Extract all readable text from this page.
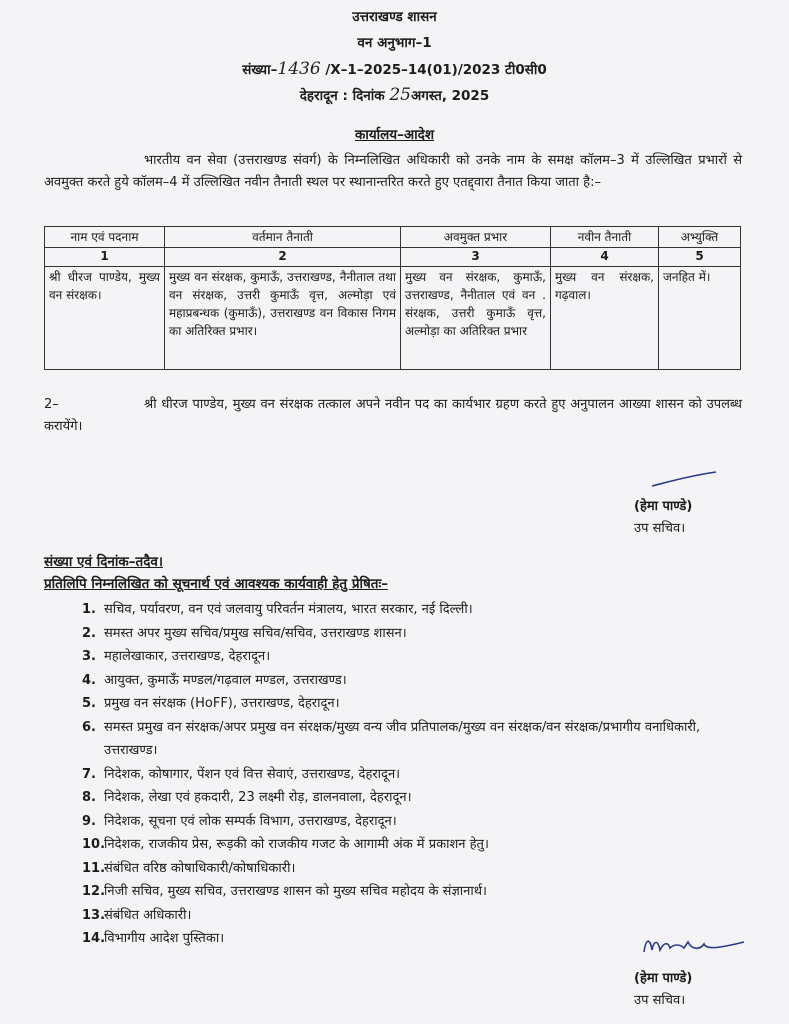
उत्तराखण्ड शासन
वन अनुभाग–1
संख्या–1436 /X–1–2025–14(01)/2023 टी0सी0
देहरादून : दिनांक 25अगस्त, 2025
कार्यालय–आदेश
भारतीय वन सेवा (उत्तराखण्ड संवर्ग) के निम्नलिखित अधिकारी को उनके नाम के समक्ष कॉलम–3 में उल्लिखित प्रभारों से अवमुक्त करते हुये कॉलम–4 में उल्लिखित नवीन तैनाती स्थल पर स्थानान्तरित करते हुए एतद्द्वारा तैनात किया जाता है:–
नाम एवं पदनाम	वर्तमान तैनाती	अवमुक्त प्रभार	नवीन तैनाती	अभ्युक्ति
1	2	3	4	5
श्री धीरज पाण्डेय, मुख्य वन संरक्षक।	मुख्य वन संरक्षक, कुमाऊँ, उत्तराखण्ड, नैनीताल तथा वन संरक्षक, उत्तरी कुमाऊँ वृत्त, अल्मोड़ा एवं महाप्रबन्धक (कुमाऊँ), उत्तराखण्ड वन विकास निगम का अतिरिक्त प्रभार।	मुख्य वन संरक्षक, कुमाऊँ, उत्तराखण्ड, नैनीताल एवं वन . संरक्षक, उत्तरी कुमाऊँ वृत्त, अल्मोड़ा का अतिरिक्त प्रभार	मुख्य वन संरक्षक, गढ़वाल।	जनहित में।
2–	श्री धीरज पाण्डेय, मुख्य वन संरक्षक तत्काल अपने नवीन पद का कार्यभार ग्रहण करते हुए अनुपालन आख्या शासन को उपलब्ध करायेंगे।
(हेमा पाण्डे)
उप सचिव।
संख्या एवं दिनांक–तदैव।
प्रतिलिपि निम्नलिखित को सूचनार्थ एवं आवश्यक कार्यवाही हेतु प्रेषितः–
1. सचिव, पर्यावरण, वन एवं जलवायु परिवर्तन मंत्रालय, भारत सरकार, नई दिल्ली।
2. समस्त अपर मुख्य सचिव/प्रमुख सचिव/सचिव, उत्तराखण्ड शासन।
3. महालेखाकार, उत्तराखण्ड, देहरादून।
4. आयुक्त, कुमाऊँ मण्डल/गढ़वाल मण्डल, उत्तराखण्ड।
5. प्रमुख वन संरक्षक (HoFF), उत्तराखण्ड, देहरादून।
6. समस्त प्रमुख वन संरक्षक/अपर प्रमुख वन संरक्षक/मुख्य वन्य जीव प्रतिपालक/मुख्य वन संरक्षक/वन संरक्षक/प्रभागीय वनाधिकारी, उत्तराखण्ड।
7. निदेशक, कोषागार, पेंशन एवं वित्त सेवाएं, उत्तराखण्ड, देहरादून।
8. निदेशक, लेखा एवं हकदारी, 23 लक्ष्मी रोड़, डालनवाला, देहरादून।
9. निदेशक, सूचना एवं लोक सम्पर्क विभाग, उत्तराखण्ड, देहरादून।
10.
निदेशक, राजकीय प्रेस, रूड़की को राजकीय गजट के आगामी अंक में प्रकाशन हेतु।
11.
संबंधित वरिष्ठ कोषाधिकारी/कोषाधिकारी।
12.
निजी सचिव, मुख्य सचिव, उत्तराखण्ड शासन को मुख्य सचिव महोदय के संज्ञानार्थ।
13.
संबंधित अधिकारी।
14.
विभागीय आदेश पुस्तिका।
(हेमा पाण्डे)
उप सचिव।
